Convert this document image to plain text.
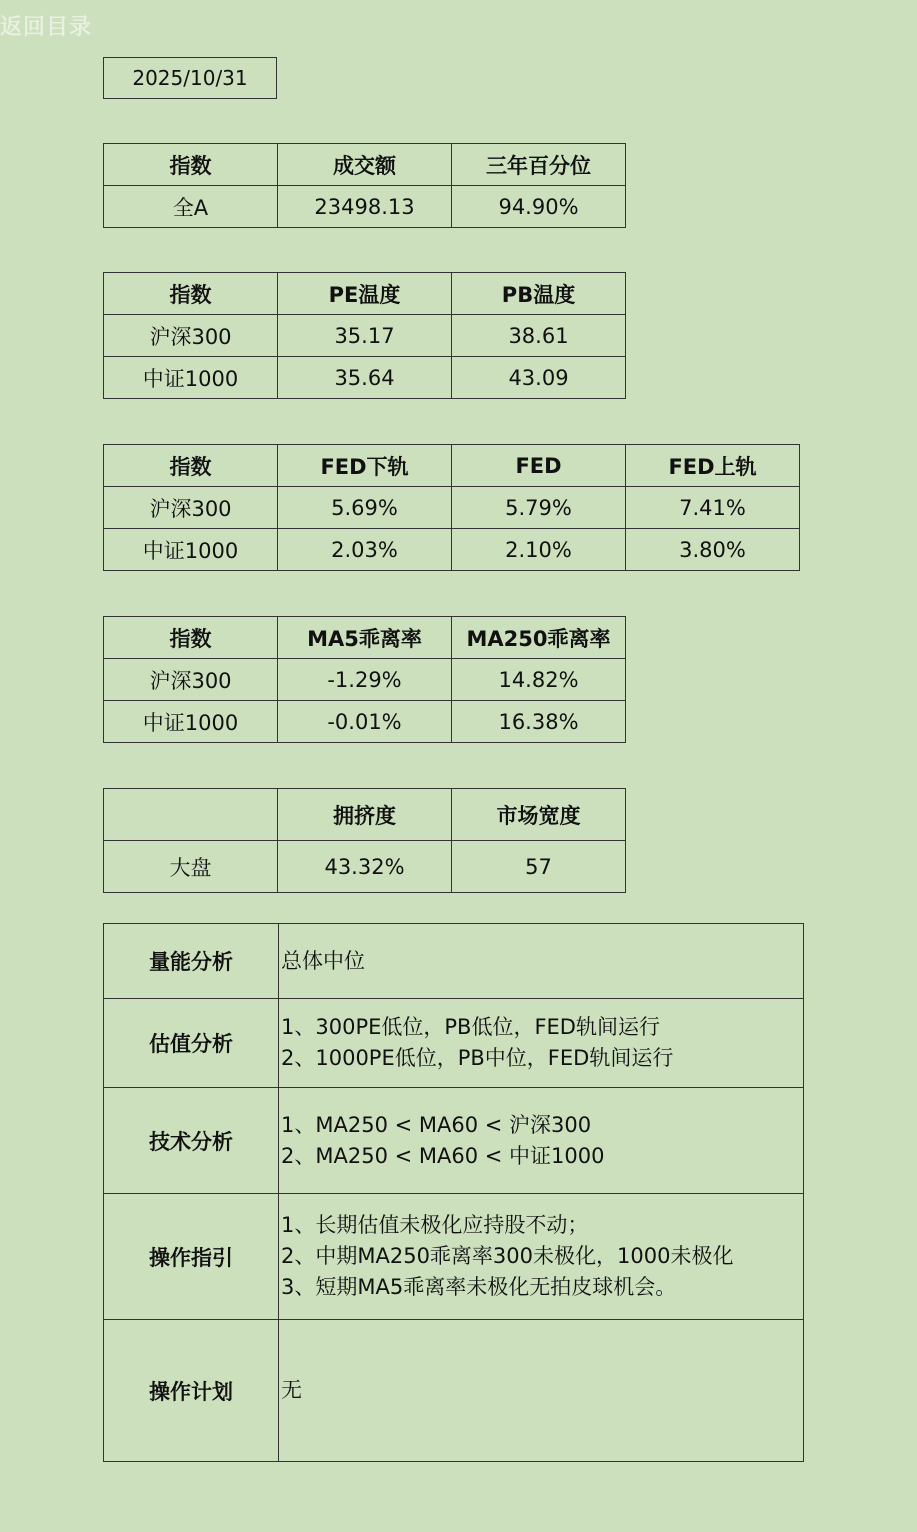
返回目录
2025/10/31
指数	成交额	三年百分位
全A	23498.13	94.90%
指数	PE温度	PB温度
沪深300	35.17	38.61
中证1000	35.64	43.09
指数	FED下轨	FED	FED上轨
沪深300	5.69%	5.79%	7.41%
中证1000	2.03%	2.10%	3.80%
指数	MA5乖离率	MA250乖离率
沪深300	-1.29%	14.82%
中证1000	-0.01%	16.38%
	拥挤度	市场宽度
大盘	43.32%	57
量能分析	总体中位

估值分析	1、300PE低位，PB低位，FED轨间运行
2、1000PE低位，PB中位，FED轨间运行

技术分析	1、MA250 < MA60 < 沪深300
2、MA250 < MA60 < 中证1000

操作指引	1、长期估值未极化应持股不动；
2、中期MA250乖离率300未极化，1000未极化
3、短期MA5乖离率未极化无拍皮球机会。

操作计划	无
